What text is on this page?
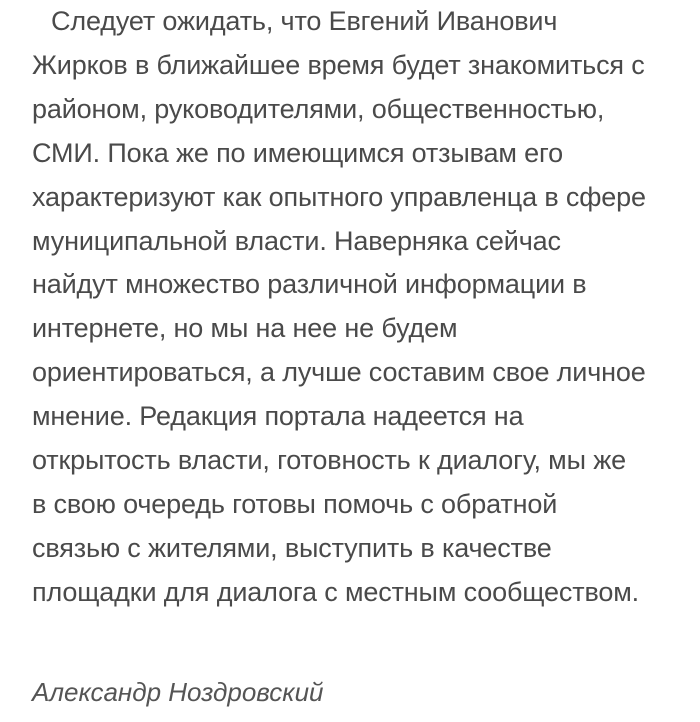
Следует ожидать, что Евгений Иванович
Жирков в ближайшее время будет знакомиться с
районом, руководителями, общественностью,
СМИ. Пока же по имеющимся отзывам его
характеризуют как опытного управленца в сфере
муниципальной власти. Наверняка сейчас
найдут множество различной информации в
интернете, но мы на нее не будем
ориентироваться, а лучше составим свое личное
мнение. Редакция портала надеется на
открытость власти, готовность к диалогу, мы же
в свою очередь готовы помочь с обратной
связью с жителями, выступить в качестве
площадки для диалога с местным сообществом.

Александр Ноздровский
